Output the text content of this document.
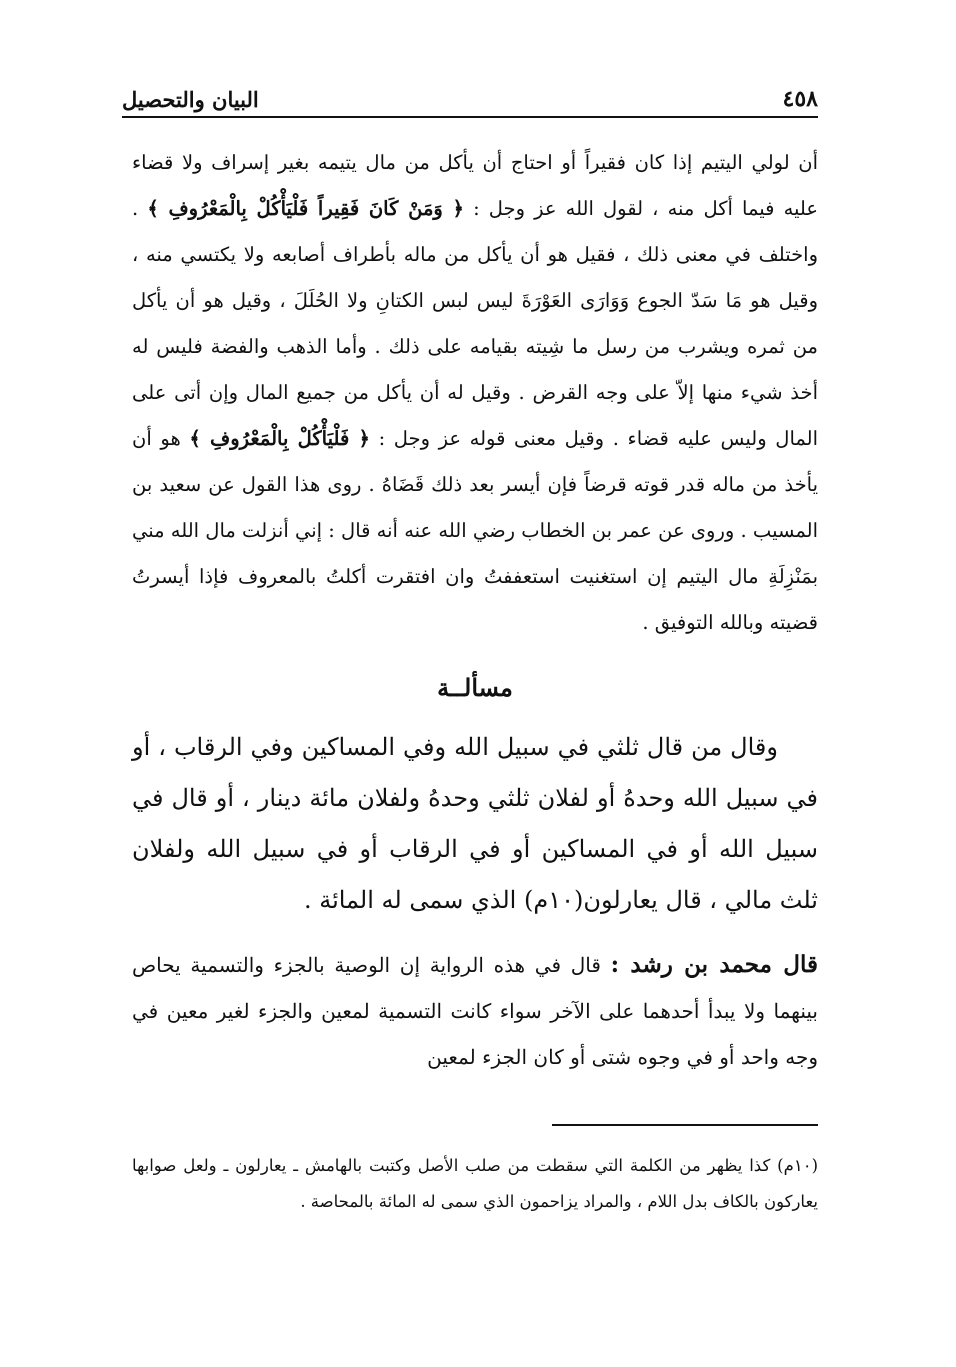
٤٥٨
البيان والتحصيل

أن لولي اليتيم إذا كان فقيراً أو احتاج أن يأكل من مال يتيمه بغير إسراف ولا قضاء عليه فيما أكل منه ، لقول الله عز وجل : ﴿ وَمَنْ كَانَ فَقِيراً فَلْيَأْكُلْ بِالْمَعْرُوفِ ﴾ . واختلف في معنى ذلك ، فقيل هو أن يأكل من ماله بأطراف أصابعه ولا يكتسي منه ، وقيل هو مَا سَدّ الجوع وَوَارَى العَوْرَةَ ليس لبس الكتانِ ولا الحُلَلَ ، وقيل هو أن يأكل من ثمره ويشرب من رسل ما شِيته بقيامه على ذلك . وأما الذهب والفضة فليس له أخذ شيء منها إلاّ على وجه القرض . وقيل له أن يأكل من جميع المال وإن أتى على المال وليس عليه قضاء . وقيل معنى قوله عز وجل : ﴿ فَلْيَأْكُلْ بِالْمَعْرُوفِ ﴾ هو أن يأخذ من ماله قدر قوته قرضاً فإن أيسر بعد ذلك قَضَاهُ . روى هذا القول عن سعيد بن المسيب . وروى عن عمر بن الخطاب رضي الله عنه أنه قال : إني أنزلت مال الله مني بمَنْزِلَةِ مال اليتيم إن استغنيت استعففتُ وان افتقرت أكلتُ بالمعروف فإذا أيسرتُ قضيته وبالله التوفيق .

مسألــة

وقال من قال ثلثي في سبيل الله وفي المساكين وفي الرقاب ، أو في سبيل الله وحدهُ أو لفلان ثلثي وحدهُ ولفلان مائة دينار ، أو قال في سبيل الله أو في المساكين أو في الرقاب أو في سبيل الله ولفلان ثلث مالي ، قال يعارلون(١٠م) الذي سمى له المائة .

قال محمد بن رشد : قال في هذه الرواية إن الوصية بالجزء والتسمية يحاص بينهما ولا يبدأ أحدهما على الآخر سواء كانت التسمية لمعين والجزء لغير معين في وجه واحد أو في وجوه شتى أو كان الجزء لمعين

(١٠م) كذا يظهر من الكلمة التي سقطت من صلب الأصل وكتبت بالهامش ـ يعارلون ـ ولعل صوابها يعاركون بالكاف بدل اللام ، والمراد يزاحمون الذي سمى له المائة بالمحاصة .
